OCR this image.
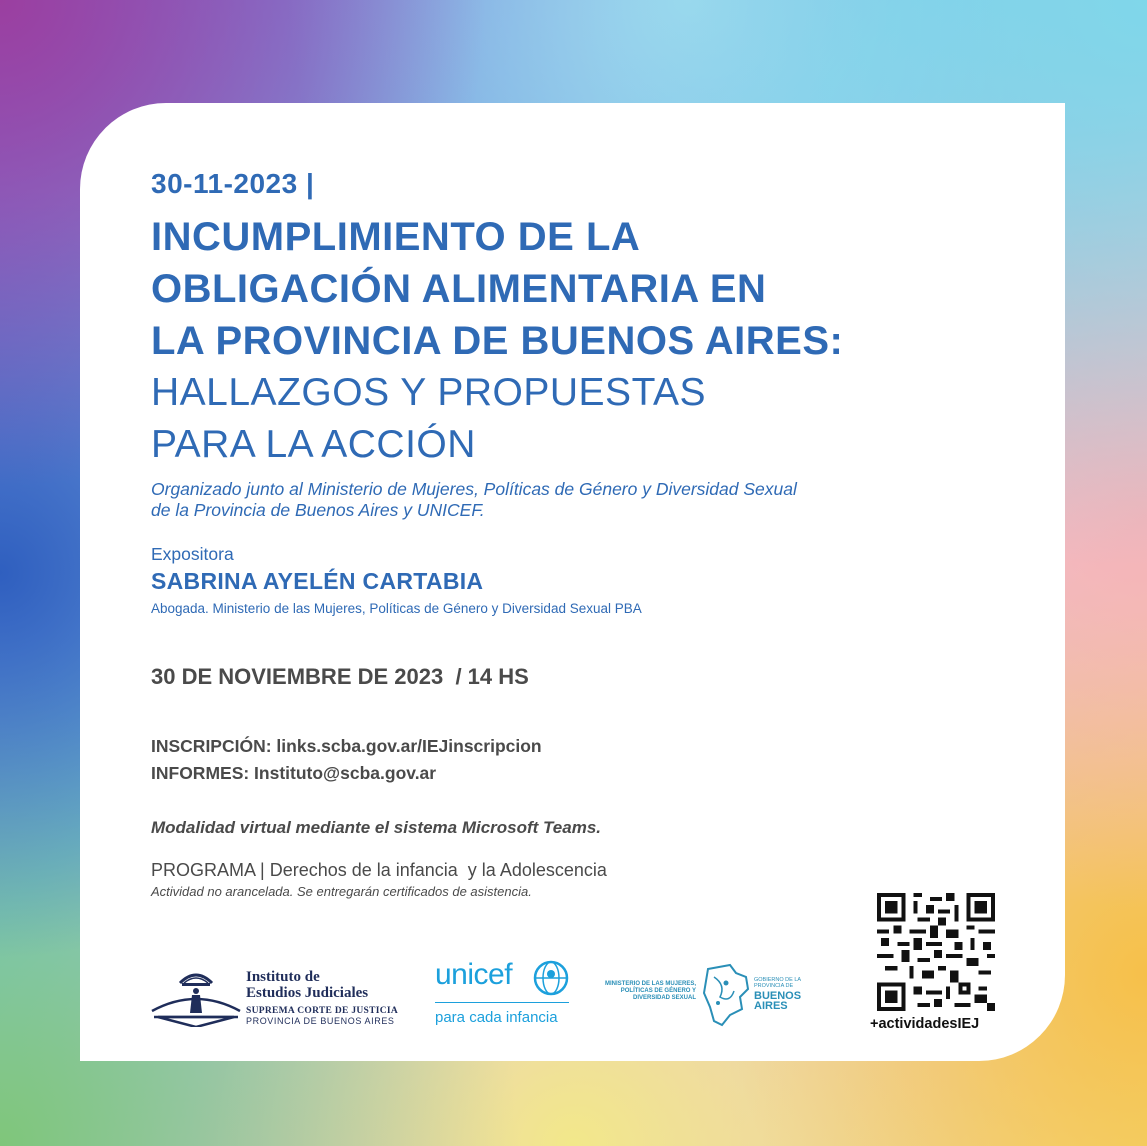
30-11-2023 |
INCUMPLIMIENTO DE LA
OBLIGACIÓN ALIMENTARIA EN
LA PROVINCIA DE BUENOS AIRES:
HALLAZGOS Y PROPUESTAS
PARA LA ACCIÓN
Organizado junto al Ministerio de Mujeres, Políticas de Género y Diversidad Sexual
de la Provincia de Buenos Aires y UNICEF.
Expositora
SABRINA AYELÉN CARTABIA
Abogada. Ministerio de las Mujeres, Políticas de Género y Diversidad Sexual PBA
30 DE NOVIEMBRE DE 2023  / 14 HS
INSCRIPCIÓN: links.scba.gov.ar/IEJinscripcion
INFORMES: Instituto@scba.gov.ar
Modalidad virtual mediante el sistema Microsoft Teams.
PROGRAMA | Derechos de la infancia  y la Adolescencia
Actividad no arancelada. Se entregarán certificados de asistencia.
Instituto de
Estudios Judiciales
SUPREMA CORTE DE JUSTICIA
PROVINCIA DE BUENOS AIRES
unicef
para cada infancia
MINISTERIO DE LAS MUJERES, POLÍTICAS DE GÉNERO Y DIVERSIDAD SEXUAL
GOBIERNO DE LA PROVINCIA DE
BUENOS
AIRES
+actividadesIEJ
